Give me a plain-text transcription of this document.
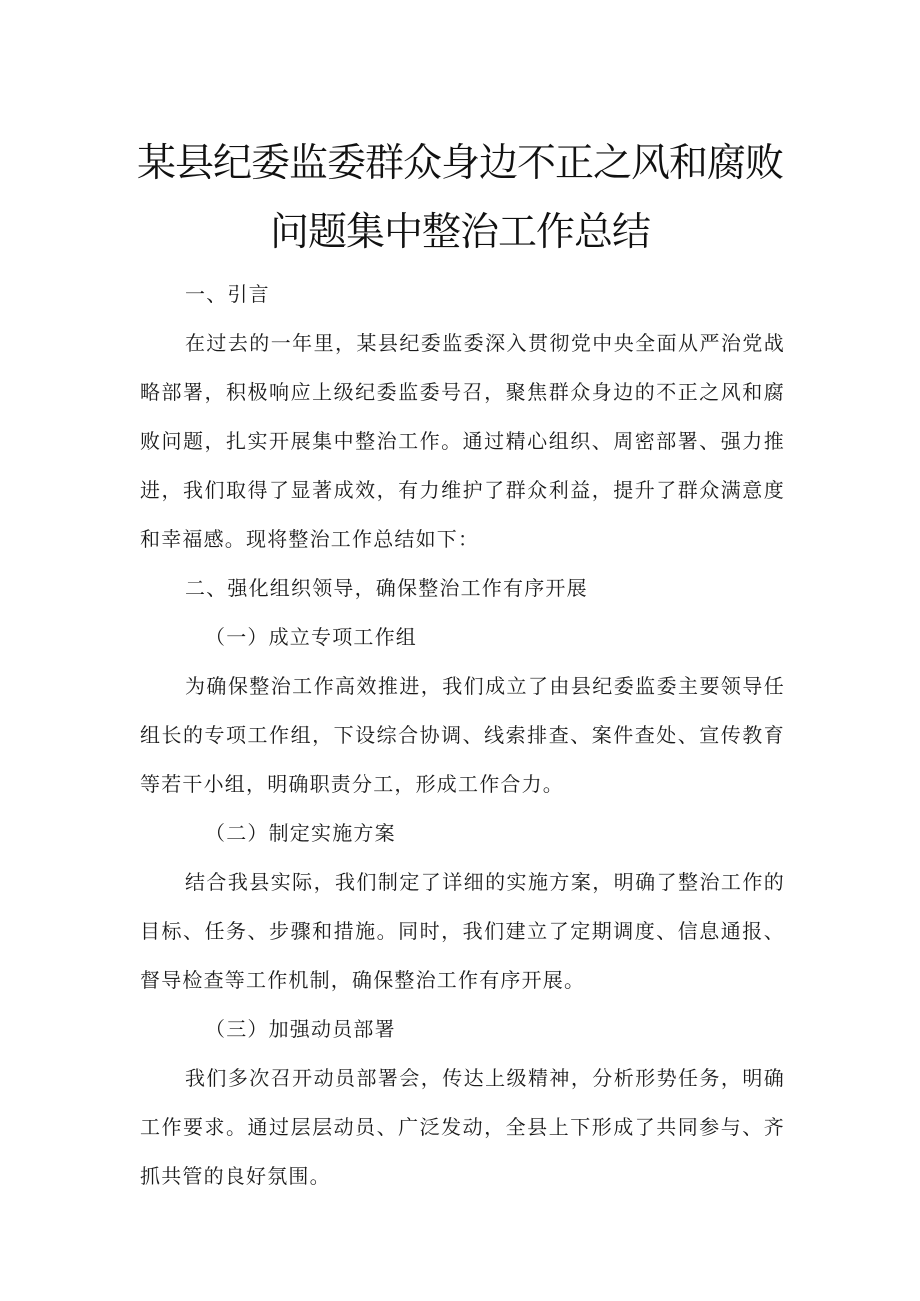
某县纪委监委群众身边不正之风和腐败
问题集中整治工作总结

一、引言

在过去的一年里，某县纪委监委深入贯彻党中央全面从严治党战略部署，积极响应上级纪委监委号召，聚焦群众身边的不正之风和腐败问题，扎实开展集中整治工作。通过精心组织、周密部署、强力推进，我们取得了显著成效，有力维护了群众利益，提升了群众满意度和幸福感。现将整治工作总结如下：

二、强化组织领导，确保整治工作有序开展

（一）成立专项工作组

为确保整治工作高效推进，我们成立了由县纪委监委主要领导任组长的专项工作组，下设综合协调、线索排查、案件查处、宣传教育等若干小组，明确职责分工，形成工作合力。

（二）制定实施方案

结合我县实际，我们制定了详细的实施方案，明确了整治工作的目标、任务、步骤和措施。同时，我们建立了定期调度、信息通报、督导检查等工作机制，确保整治工作有序开展。

（三）加强动员部署

我们多次召开动员部署会，传达上级精神，分析形势任务，明确工作要求。通过层层动员、广泛发动，全县上下形成了共同参与、齐抓共管的良好氛围。
